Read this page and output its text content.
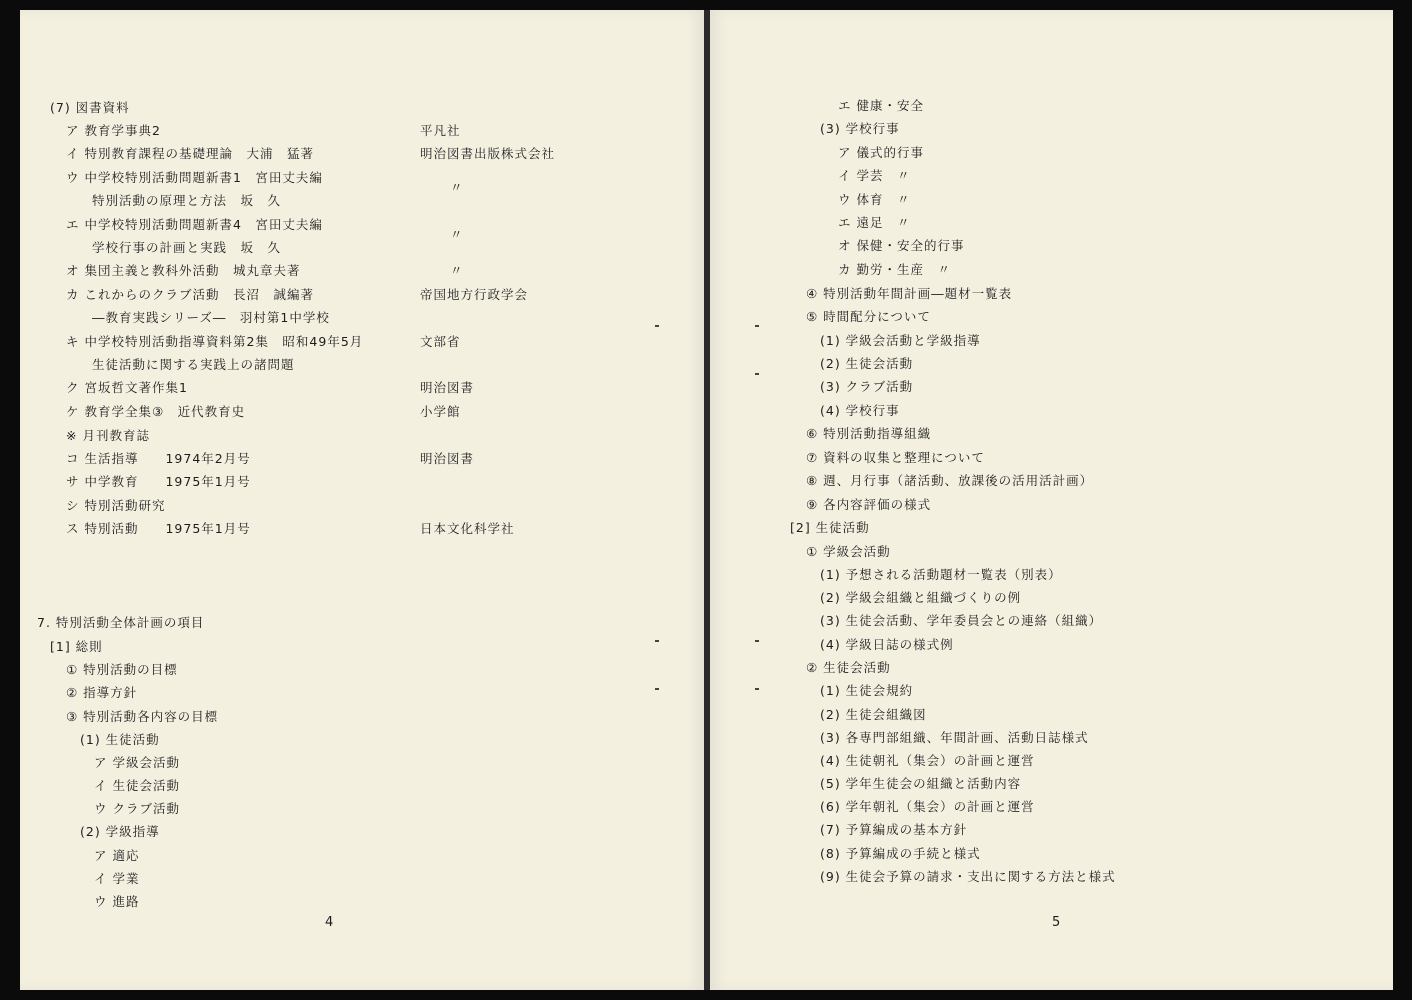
(7) 図書資料
ア 教育学事典2
イ 特別教育課程の基礎理論　大浦　猛著
ウ 中学校特別活動問題新書1　宮田丈夫編
特別活動の原理と方法　坂　久
エ 中学校特別活動問題新書4　宮田丈夫編
学校行事の計画と実践　坂　久
オ 集団主義と教科外活動　城丸章夫著
カ これからのクラブ活動　長沼　誠編著
―教育実践シリーズ―　羽村第1中学校
キ 中学校特別活動指導資料第2集　昭和49年5月
生徒活動に関する実践上の諸問題
ク 宮坂哲文著作集1
ケ 教育学全集③　近代教育史
※ 月刊教育誌
コ 生活指導　　1974年2月号
サ 中学教育　　1975年1月号
シ 特別活動研究
ス 特別活動　　1975年1月号
平凡社
明治図書出版株式会社
〃
〃
〃
帝国地方行政学会
文部省
明治図書
小学館
明治図書
日本文化科学社
7. 特別活動全体計画の項目
[1] 総則
① 特別活動の目標
② 指導方針
③ 特別活動各内容の目標
(1) 生徒活動
ア 学級会活動
イ 生徒会活動
ウ クラブ活動
(2) 学級指導
ア 適応
イ 学業
ウ 進路
4
エ 健康・安全
(3) 学校行事
ア 儀式的行事
イ 学芸　〃
ウ 体育　〃
エ 遠足　〃
オ 保健・安全的行事
カ 勤労・生産　〃
④ 特別活動年間計画―題材一覧表
⑤ 時間配分について
(1) 学級会活動と学級指導
(2) 生徒会活動
(3) クラブ活動
(4) 学校行事
⑥ 特別活動指導組織
⑦ 資料の収集と整理について
⑧ 週、月行事（諸活動、放課後の活用活計画）
⑨ 各内容評価の様式
[2] 生徒活動
① 学級会活動
(1) 予想される活動題材一覧表（別表）
(2) 学級会組織と組織づくりの例
(3) 生徒会活動、学年委員会との連絡（組織）
(4) 学級日誌の様式例
② 生徒会活動
(1) 生徒会規約
(2) 生徒会組織図
(3) 各専門部組織、年間計画、活動日誌様式
(4) 生徒朝礼（集会）の計画と運営
(5) 学年生徒会の組織と活動内容
(6) 学年朝礼（集会）の計画と運営
(7) 予算編成の基本方針
(8) 予算編成の手続と様式
(9) 生徒会予算の請求・支出に関する方法と様式
5
